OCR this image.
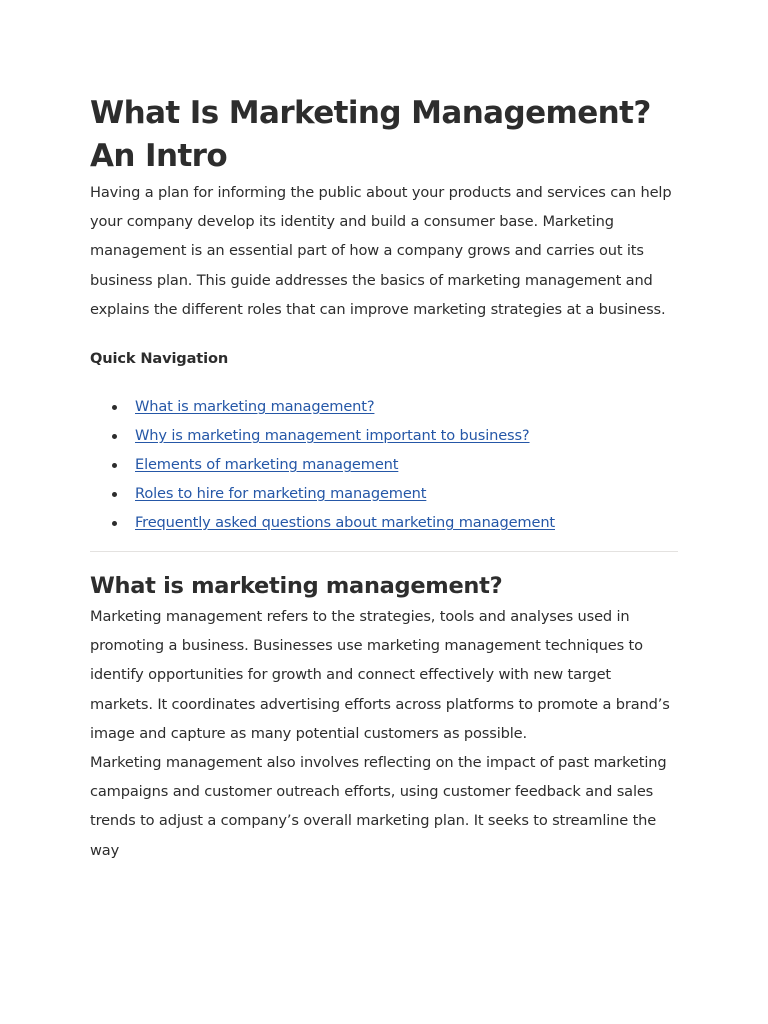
What Is Marketing Management? An Intro

Having a plan for informing the public about your products and services can help your company develop its identity and build a consumer base. Marketing management is an essential part of how a company grows and carries out its business plan. This guide addresses the basics of marketing management and explains the different roles that can improve marketing strategies at a business.

Quick Navigation
What is marketing management?
Why is marketing management important to business?
Elements of marketing management
Roles to hire for marketing management
Frequently asked questions about marketing management
What is marketing management?

Marketing management refers to the strategies, tools and analyses used in promoting a business. Businesses use marketing management techniques to identify opportunities for growth and connect effectively with new target markets. It coordinates advertising efforts across platforms to promote a brand’s image and capture as many potential customers as possible.

Marketing management also involves reflecting on the impact of past marketing campaigns and customer outreach efforts, using customer feedback and sales trends to adjust a company’s overall marketing plan. It seeks to streamline the way
